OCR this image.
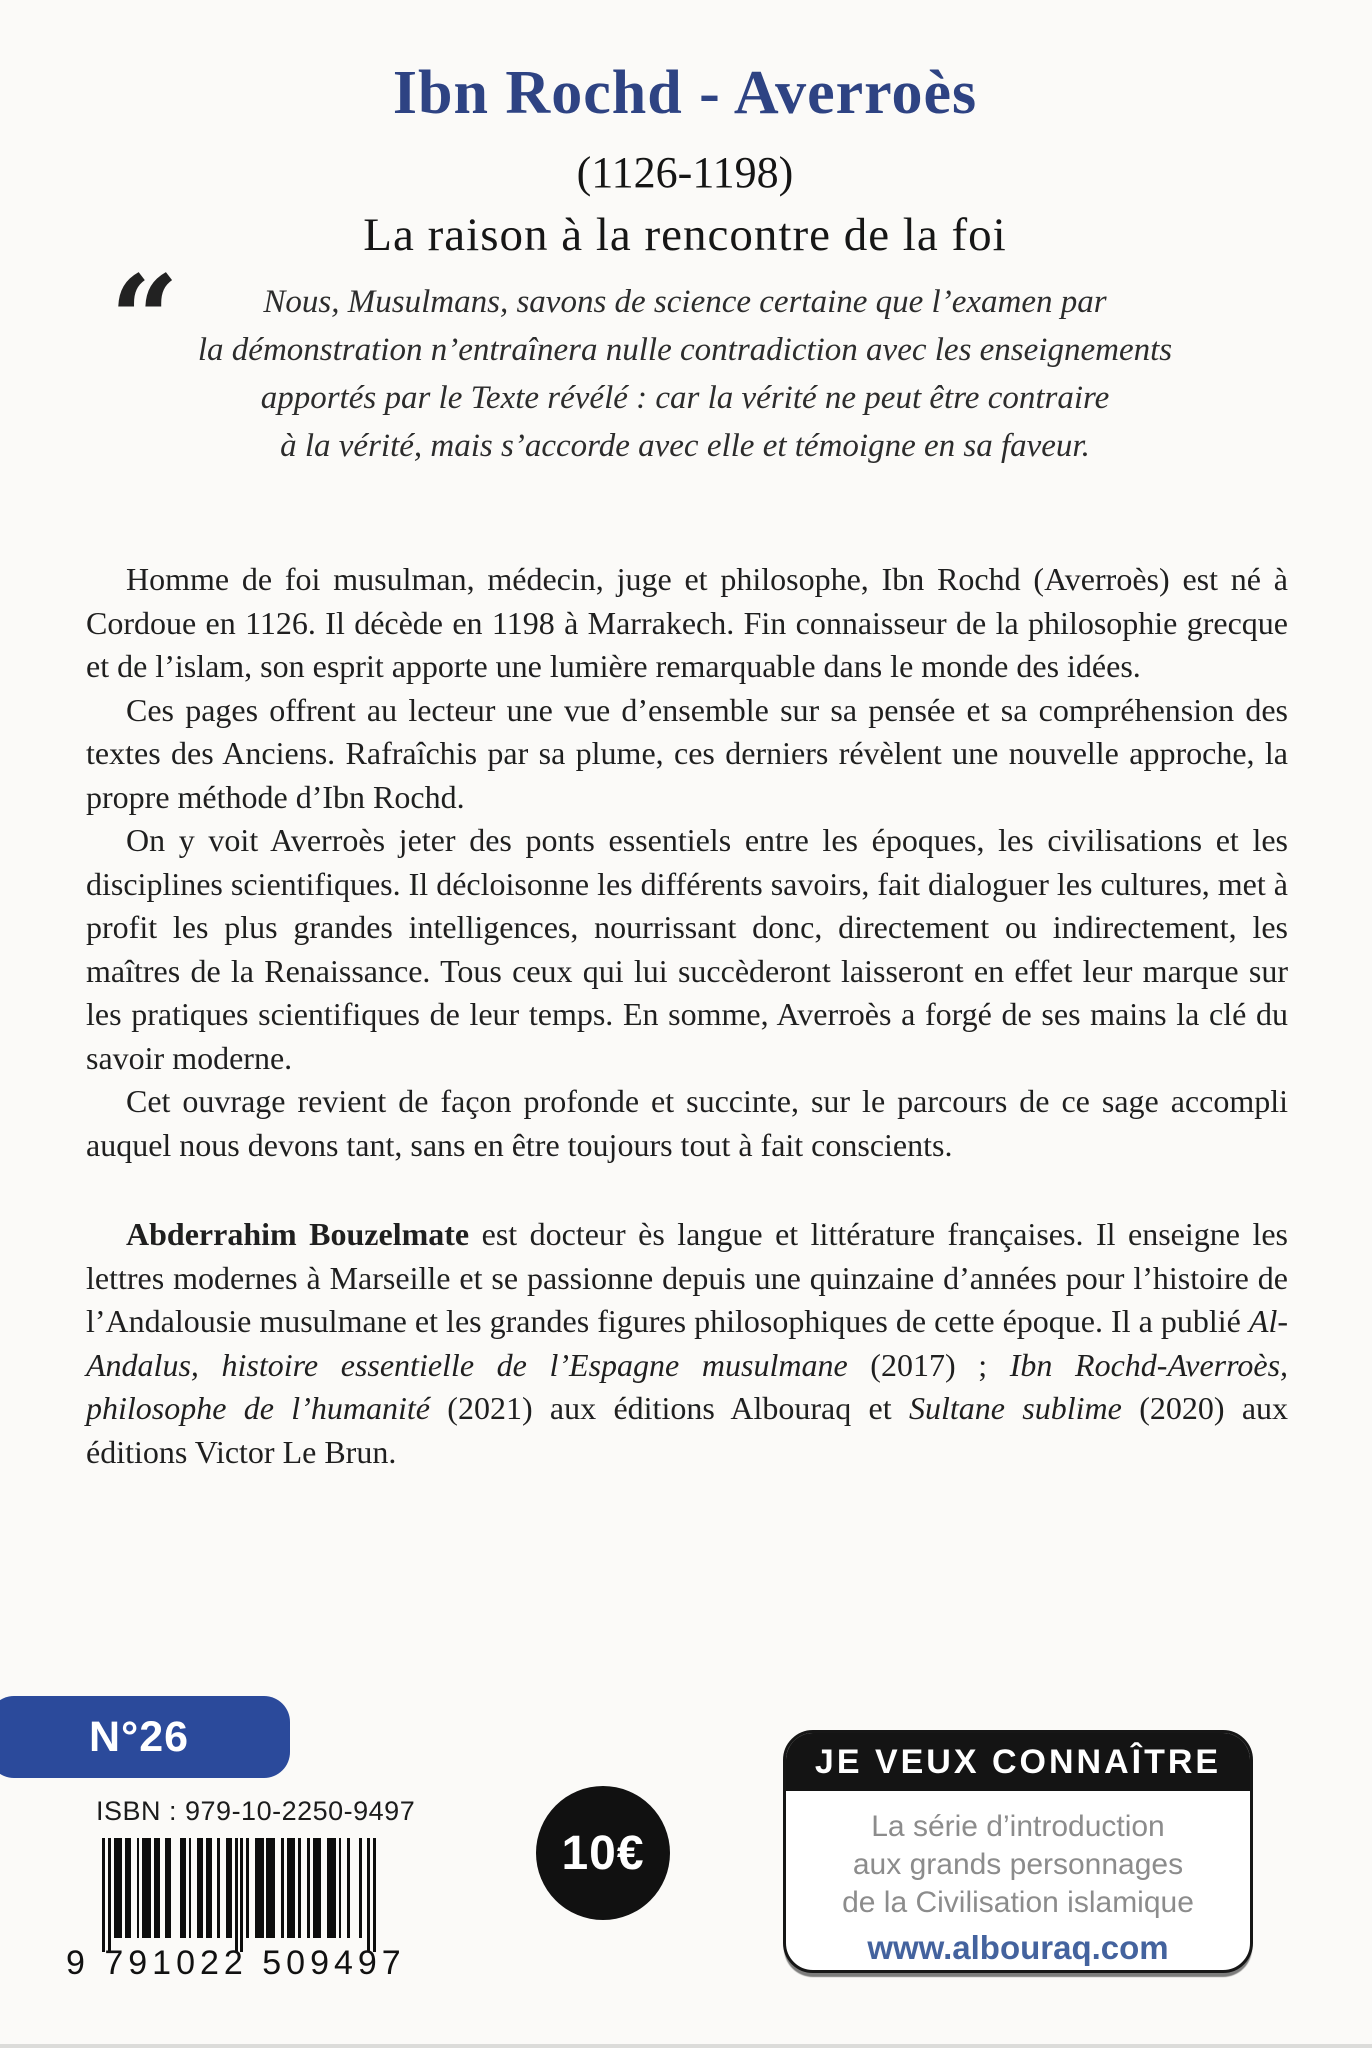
Ibn Rochd - Averroès
(1126-1198)
La raison à la rencontre de la foi
“	Nous, Musulmans, savons de science certaine que l’examen par
la démonstration n’entraînera nulle contradiction avec les enseignements
apportés par le Texte révélé : car la vérité ne peut être contraire
à la vérité, mais s’accorde avec elle et témoigne en sa faveur.

Homme de foi musulman, médecin, juge et philosophe, Ibn Rochd (Averroès) est né à Cordoue en 1126. Il décède en 1198 à Marrakech. Fin connaisseur de la philosophie grecque et de l’islam, son esprit apporte une lumière remarquable dans le monde des idées.

Ces pages offrent au lecteur une vue d’ensemble sur sa pensée et sa compréhension des textes des Anciens. Rafraîchis par sa plume, ces derniers révèlent une nouvelle approche, la propre méthode d’Ibn Rochd.

On y voit Averroès jeter des ponts essentiels entre les époques, les civilisations et les disciplines scientifiques. Il décloisonne les différents savoirs, fait dialoguer les cultures, met à profit les plus grandes intelligences, nourrissant donc, directement ou indirectement, les maîtres de la Renaissance. Tous ceux qui lui succèderont laisseront en effet leur marque sur les pratiques scientifiques de leur temps. En somme, Averroès a forgé de ses mains la clé du savoir moderne.

Cet ouvrage revient de façon profonde et succinte, sur le parcours de ce sage accompli auquel nous devons tant, sans en être toujours tout à fait conscients.

Abderrahim Bouzelmate est docteur ès langue et littérature françaises. Il enseigne les lettres modernes à Marseille et se passionne depuis une quinzaine d’années pour l’histoire de l’Andalousie musulmane et les grandes figures philosophiques de cette époque. Il a publié Al-Andalus, histoire essentielle de l’Espagne musulmane (2017) ; Ibn Rochd-Averroès, philosophe de l’humanité (2021) aux éditions Albouraq et Sultane sublime (2020) aux éditions Victor Le Brun.

N°26
ISBN : 979-10-2250-9497
9 791022 509497
10€
JE VEUX CONNAÎTRE
La série d’introduction
aux grands personnages
de la Civilisation islamique
www.albouraq.com
